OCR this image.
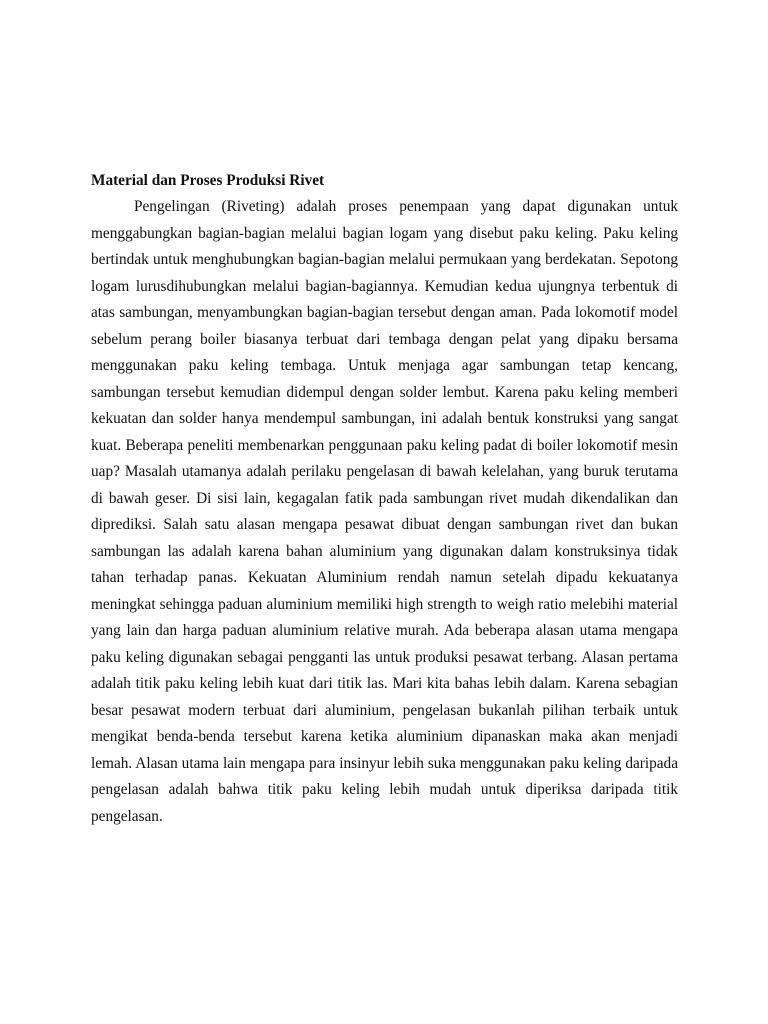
Material dan Proses Produksi Rivet

Pengelingan (Riveting) adalah proses penempaan yang dapat digunakan untuk menggabungkan bagian-bagian melalui bagian logam yang disebut paku keling. Paku keling bertindak untuk menghubungkan bagian-bagian melalui permukaan yang berdekatan. Sepotong logam lurusdihubungkan melalui bagian-bagiannya. Kemudian kedua ujungnya terbentuk di atas sambungan, menyambungkan bagian-bagian tersebut dengan aman. Pada lokomotif model sebelum perang boiler biasanya terbuat dari tembaga dengan pelat yang dipaku bersama menggunakan paku keling tembaga. Untuk menjaga agar sambungan tetap kencang, sambungan tersebut kemudian didempul dengan solder lembut. Karena paku keling memberi kekuatan dan solder hanya mendempul sambungan, ini adalah bentuk konstruksi yang sangat kuat. Beberapa peneliti membenarkan penggunaan paku keling padat di boiler lokomotif mesin uap? Masalah utamanya adalah perilaku pengelasan di bawah kelelahan, yang buruk terutama di bawah geser. Di sisi lain, kegagalan fatik pada sambungan rivet mudah dikendalikan dan diprediksi. Salah satu alasan mengapa pesawat dibuat dengan sambungan rivet dan bukan sambungan las adalah karena bahan aluminium yang digunakan dalam konstruksinya tidak tahan terhadap panas. Kekuatan Aluminium rendah namun setelah dipadu kekuatanya meningkat sehingga paduan aluminium memiliki high strength to weigh ratio melebihi material yang lain dan harga paduan aluminium relative murah. Ada beberapa alasan utama mengapa paku keling digunakan sebagai pengganti las untuk produksi pesawat terbang. Alasan pertama adalah titik paku keling lebih kuat dari titik las. Mari kita bahas lebih dalam. Karena sebagian besar pesawat modern terbuat dari aluminium, pengelasan bukanlah pilihan terbaik untuk mengikat benda-benda tersebut karena ketika aluminium dipanaskan maka akan menjadi lemah. Alasan utama lain mengapa para insinyur lebih suka menggunakan paku keling daripada pengelasan adalah bahwa titik paku keling lebih mudah untuk diperiksa daripada titik pengelasan.
